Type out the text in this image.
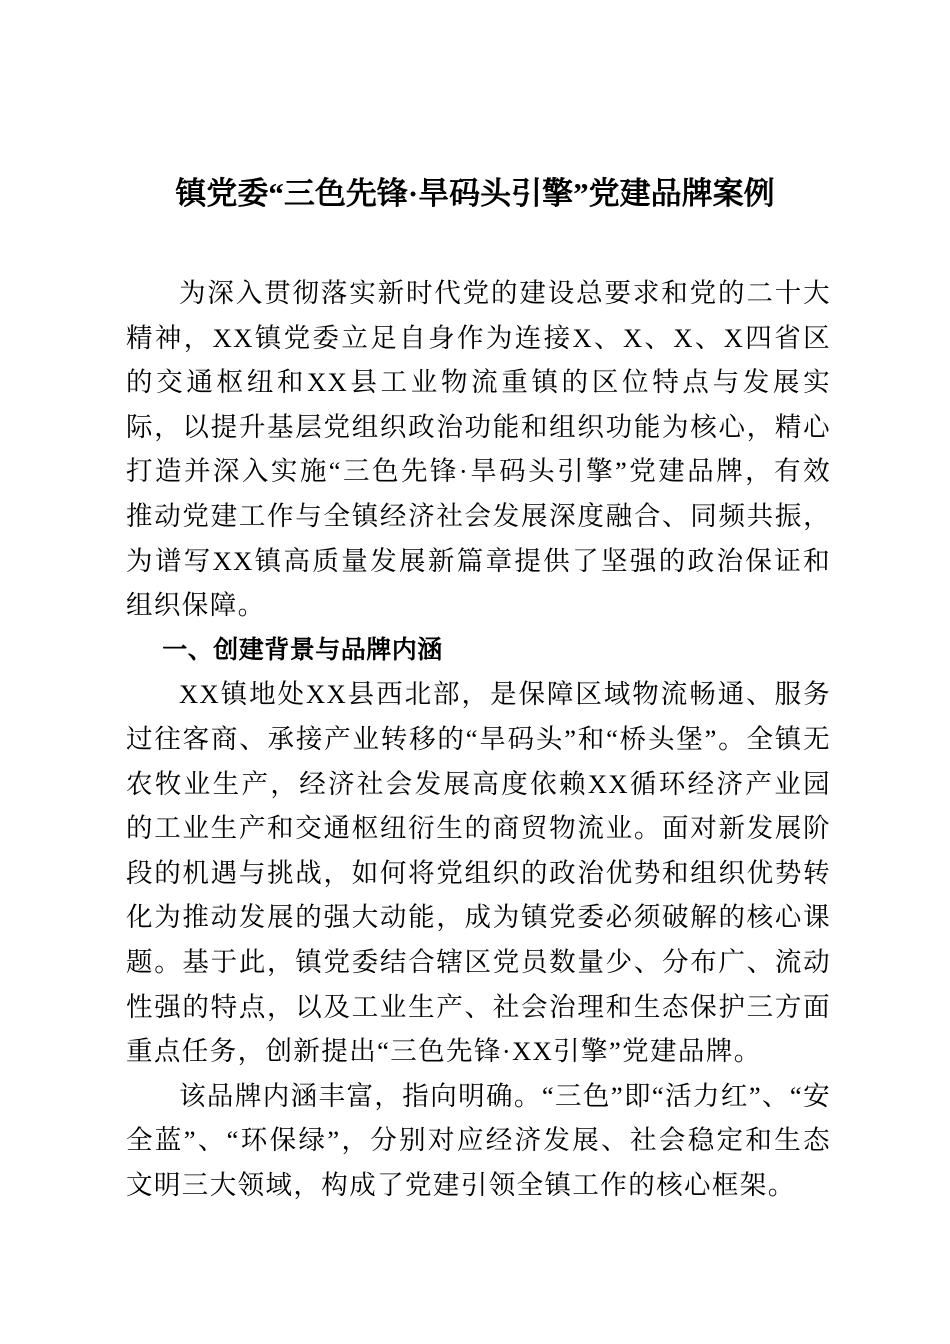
镇党委“三色先锋·旱码头引擎”党建品牌案例

为深入贯彻落实新时代党的建设总要求和党的二十大精神，XX镇党委立足自身作为连接X、X、X、X四省区的交通枢纽和XX县工业物流重镇的区位特点与发展实际，以提升基层党组织政治功能和组织功能为核心，精心打造并深入实施“三色先锋·旱码头引擎”党建品牌，有效推动党建工作与全镇经济社会发展深度融合、同频共振，为谱写XX镇高质量发展新篇章提供了坚强的政治保证和组织保障。

一、创建背景与品牌内涵

XX镇地处XX县西北部，是保障区域物流畅通、服务过往客商、承接产业转移的“旱码头”和“桥头堡”。全镇无农牧业生产，经济社会发展高度依赖XX循环经济产业园的工业生产和交通枢纽衍生的商贸物流业。面对新发展阶段的机遇与挑战，如何将党组织的政治优势和组织优势转化为推动发展的强大动能，成为镇党委必须破解的核心课题。基于此，镇党委结合辖区党员数量少、分布广、流动性强的特点，以及工业生产、社会治理和生态保护三方面重点任务，创新提出“三色先锋·XX引擎”党建品牌。

该品牌内涵丰富，指向明确。“三色”即“活力红”、“安全蓝”、“环保绿”，分别对应经济发展、社会稳定和生态文明三大领域，构成了党建引领全镇工作的核心框架。
